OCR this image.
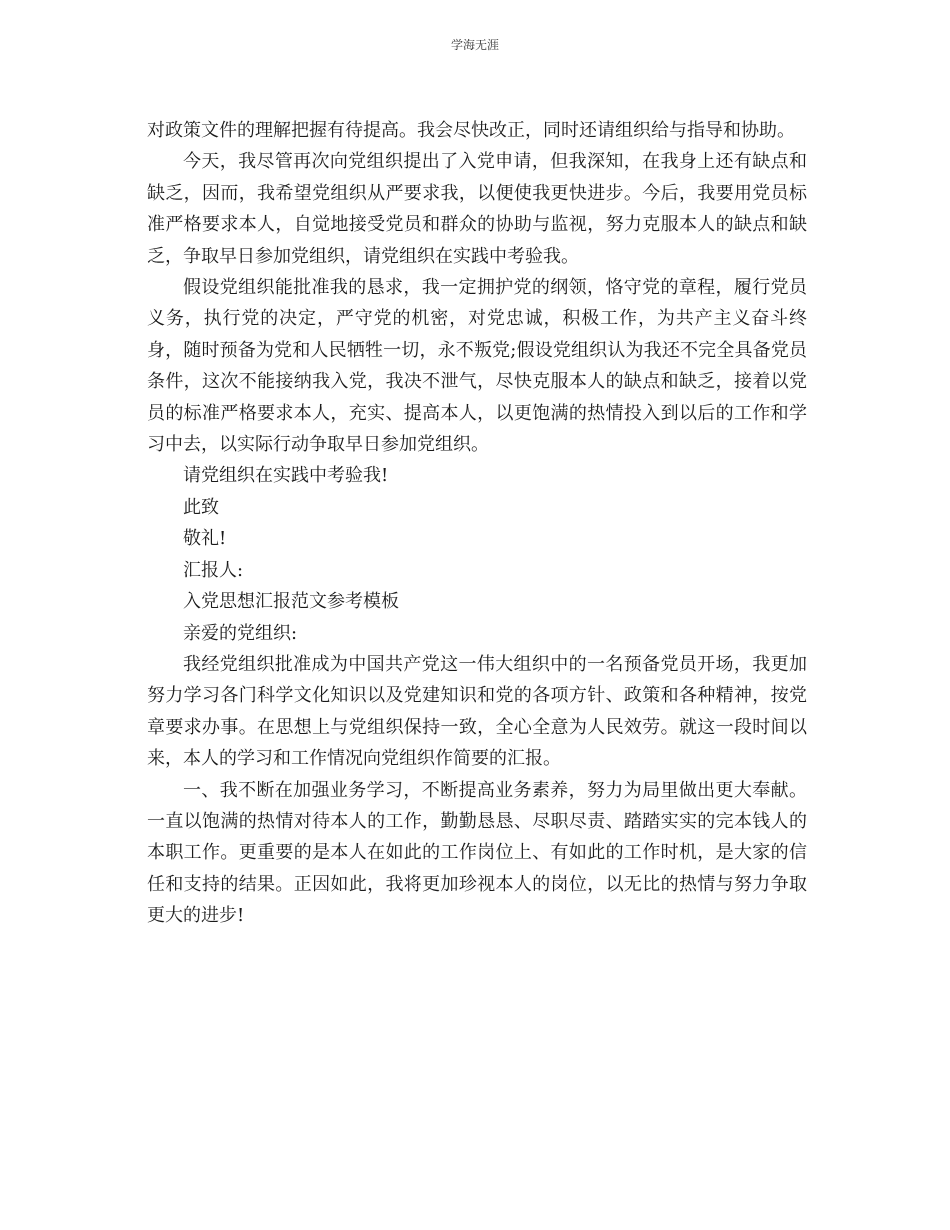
学海无涯

对政策文件的理解把握有待提高。我会尽快改正，同时还请组织给与指导和协助。

今天，我尽管再次向党组织提出了入党申请，但我深知，在我身上还有缺点和缺乏，因而，我希望党组织从严要求我，以便使我更快进步。今后，我要用党员标准严格要求本人，自觉地接受党员和群众的协助与监视，努力克服本人的缺点和缺乏，争取早日参加党组织，请党组织在实践中考验我。

假设党组织能批准我的恳求，我一定拥护党的纲领，恪守党的章程，履行党员义务，执行党的决定，严守党的机密，对党忠诚，积极工作，为共产主义奋斗终身，随时预备为党和人民牺牲一切，永不叛党;假设党组织认为我还不完全具备党员条件，这次不能接纳我入党，我决不泄气，尽快克服本人的缺点和缺乏，接着以党员的标准严格要求本人，充实、提高本人，以更饱满的热情投入到以后的工作和学习中去，以实际行动争取早日参加党组织。

请党组织在实践中考验我!

此致

敬礼!

汇报人:

入党思想汇报范文参考模板

亲爱的党组织:

我经党组织批准成为中国共产党这一伟大组织中的一名预备党员开场，我更加努力学习各门科学文化知识以及党建知识和党的各项方针、政策和各种精神，按党章要求办事。在思想上与党组织保持一致，全心全意为人民效劳。就这一段时间以来，本人的学习和工作情况向党组织作简要的汇报。

一、我不断在加强业务学习，不断提高业务素养，努力为局里做出更大奉献。一直以饱满的热情对待本人的工作，勤勤恳恳、尽职尽责、踏踏实实的完本钱人的本职工作。更重要的是本人在如此的工作岗位上、有如此的工作时机，是大家的信任和支持的结果。正因如此，我将更加珍视本人的岗位，以无比的热情与努力争取更大的进步!
